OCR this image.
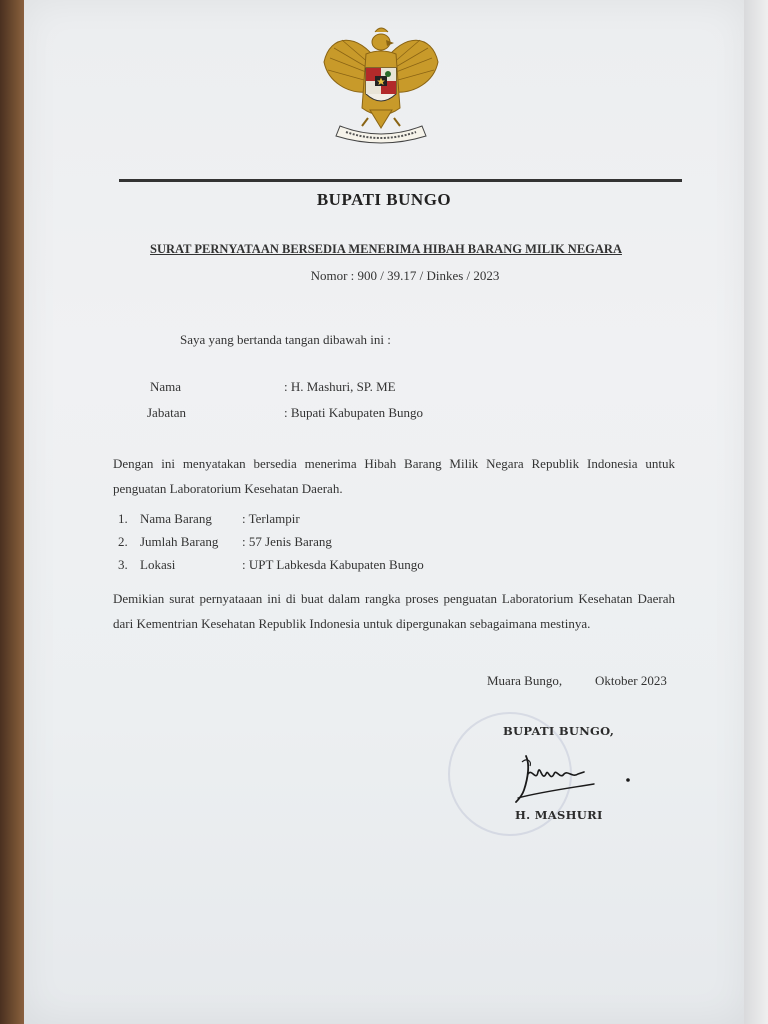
BUPATI BUNGO
SURAT PERNYATAAN BERSEDIA MENERIMA HIBAH BARANG MILIK NEGARA
Nomor : 900 / 39.17 / Dinkes / 2023
Saya yang bertanda tangan dibawah ini :
Nama	: H. Mashuri, SP. ME
Jabatan	: Bupati Kabupaten Bungo
Dengan ini menyatakan bersedia menerima Hibah Barang Milik Negara Republik Indonesia untuk penguatan Laboratorium Kesehatan Daerah.
1. Nama Barang : Terlampir
2. Jumlah Barang : 57 Jenis Barang
3. Lokasi	: UPT Labkesda Kabupaten Bungo
Demikian surat pernyataaan ini di buat dalam rangka proses penguatan Laboratorium Kesehatan Daerah dari Kementrian Kesehatan Republik Indonesia untuk dipergunakan sebagaimana mestinya.
Muara Bungo,	Oktober 2023
BUPATI BUNGO,
H. MASHURI
